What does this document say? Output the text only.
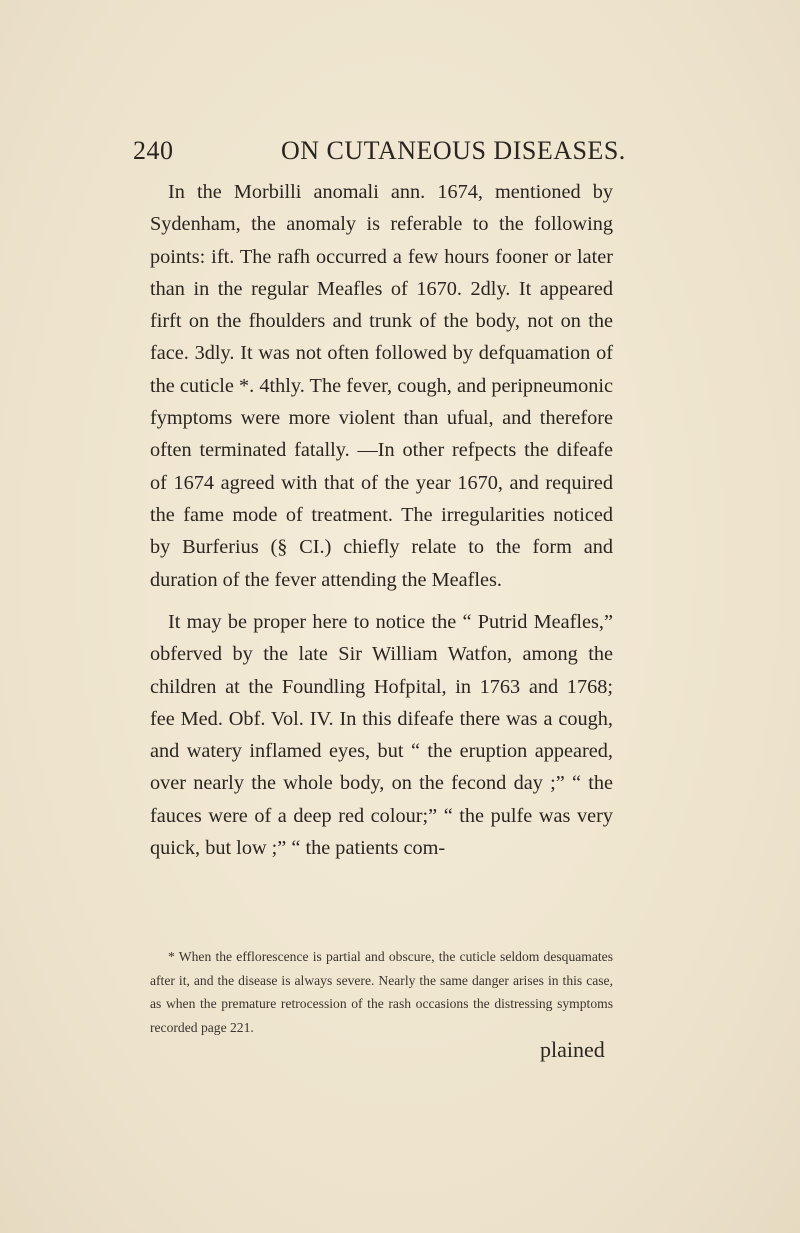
240	ON CUTANEOUS DISEASES.

In the Morbilli anomali ann. 1674, mentioned by Sydenham, the anomaly is referable to the following points: ift. The rafh occurred a few hours fooner or later than in the regular Meafles of 1670. 2dly. It appeared firft on the fhoulders and trunk of the body, not on the face. 3dly. It was not often followed by defquamation of the cuticle *. 4thly. The fever, cough, and peripneumonic fymptoms were more violent than ufual, and therefore often terminated fatally. —In other refpects the difeafe of 1674 agreed with that of the year 1670, and required the fame mode of treatment. The irregularities noticed by Burferius (§ CI.) chiefly relate to the form and duration of the fever attending the Meafles.

It may be proper here to notice the “ Putrid Meafles,” obferved by the late Sir William Watfon, among the children at the Foundling Hofpital, in 1763 and 1768; fee Med. Obf. Vol. IV. In this difeafe there was a cough, and watery inflamed eyes, but “ the eruption appeared, over nearly the whole body, on the fecond day ;” “ the fauces were of a deep red colour;” “ the pulfe was very quick, but low ;” “ the patients com-

* When the efflorescence is partial and obscure, the cuticle seldom desquamates after it, and the disease is always severe. Nearly the same danger arises in this case, as when the premature retrocession of the rash occasions the distressing symptoms recorded page 221.

plained
